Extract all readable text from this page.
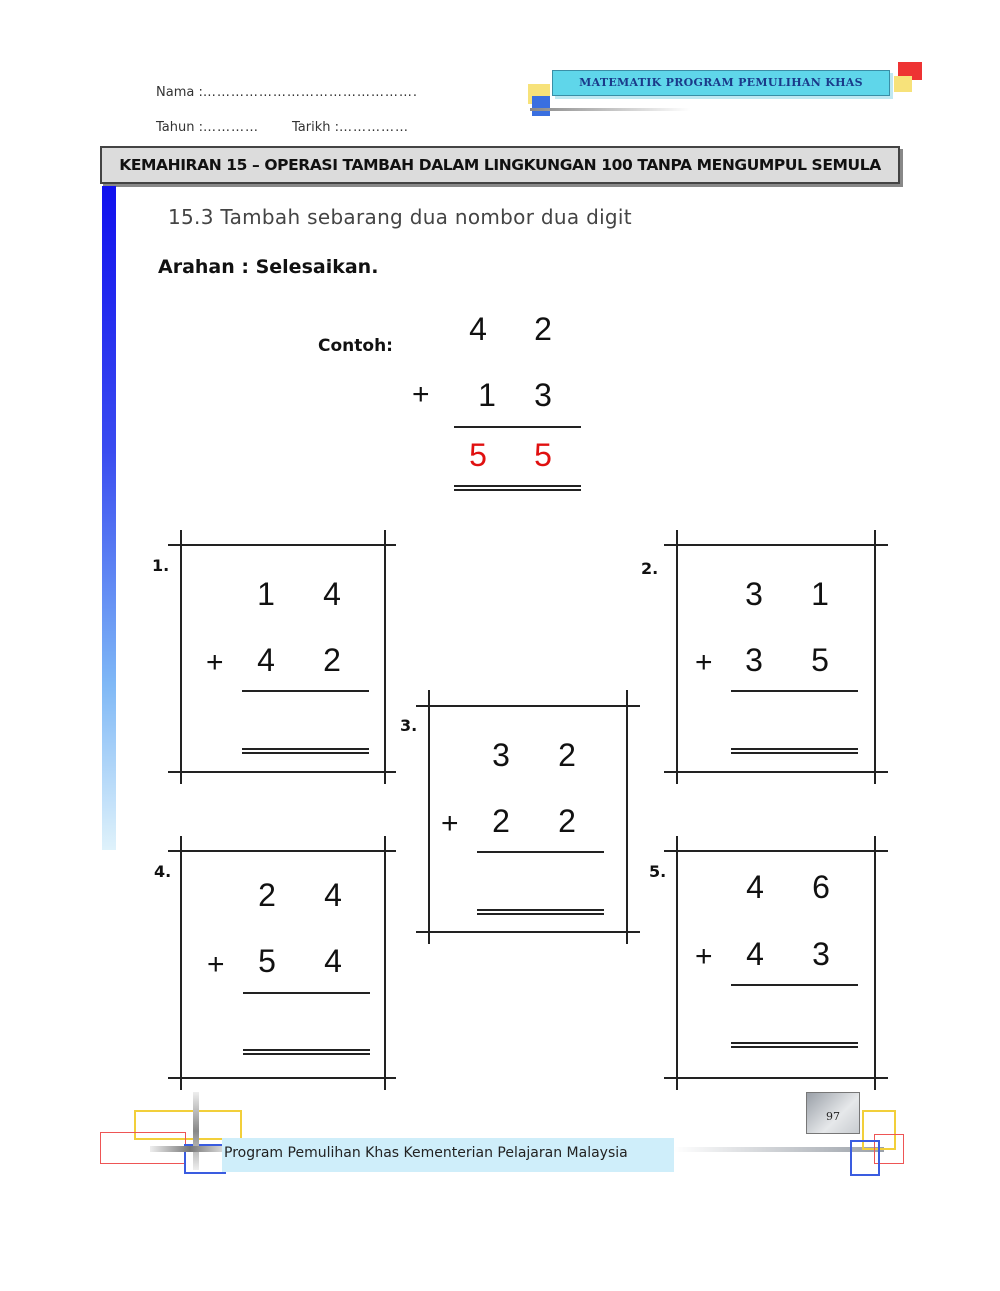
Nama :……………………………………….
Tahun :…………	Tarikh :……………
MATEMATIK PROGRAM PEMULIHAN KHAS
KEMAHIRAN 15 – OPERASI TAMBAH DALAM LINGKUNGAN 100 TANPA MENGUMPUL SEMULA
15.3 Tambah sebarang dua nombor dua digit
Arahan : Selesaikan.
Contoh: 4 2
+ 1 3
5 5
1.
1 4
+ 4 2
2.
3 1
+ 3 5
3.
3 2
+ 2 2
4.
2 4
+ 5 4
5. 4 6
+ 4 3
Program Pemulihan Khas Kementerian Pelajaran Malaysia
97
